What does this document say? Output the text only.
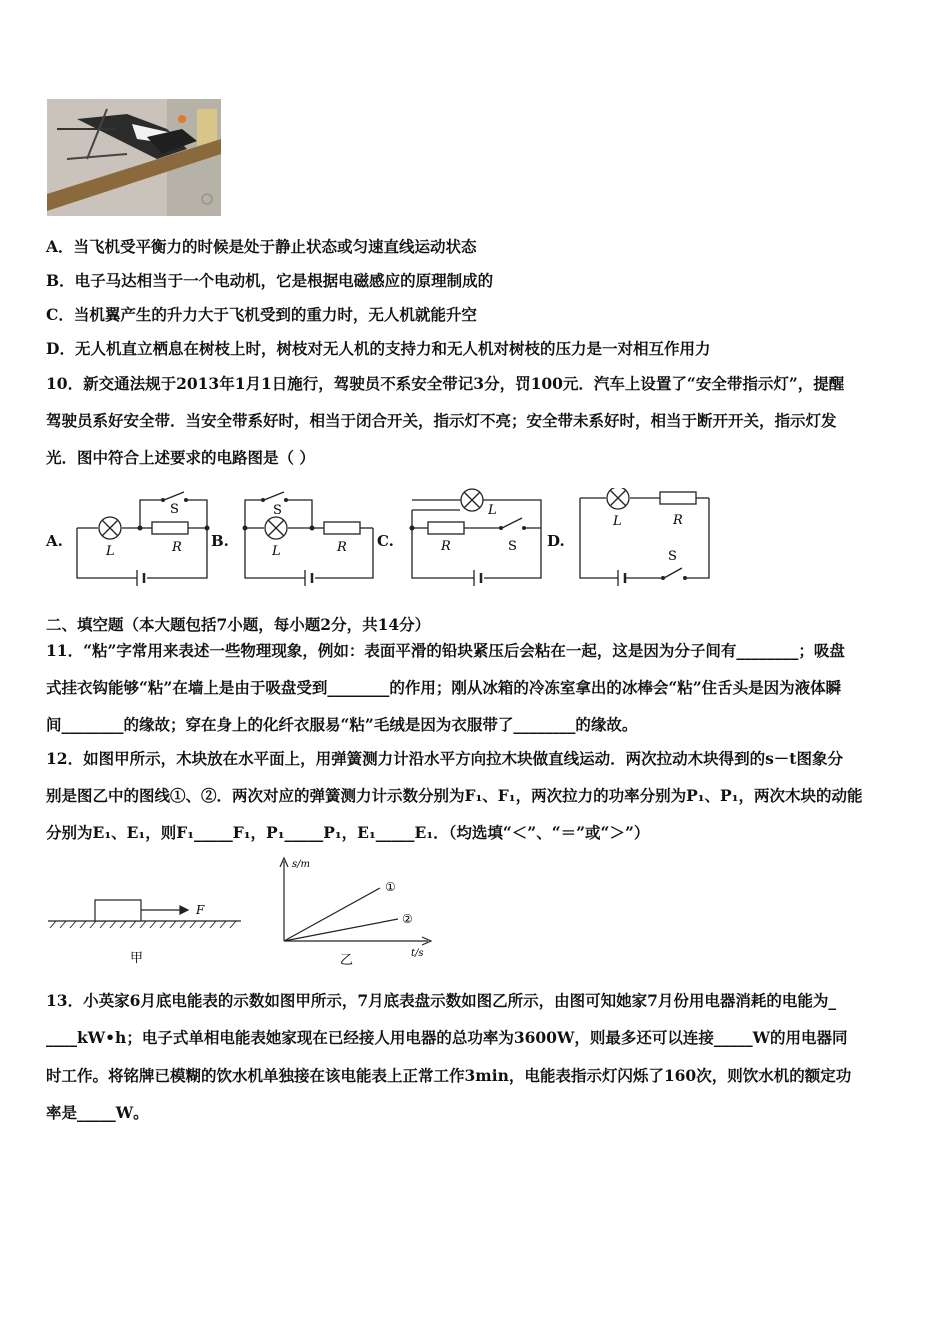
A．当飞机受平衡力的时候是处于静止状态或匀速直线运动状态
B．电子马达相当于一个电动机，它是根据电磁感应的原理制成的
C．当机翼产生的升力大于飞机受到的重力时，无人机就能升空
D．无人机直立栖息在树枝上时，树枝对无人机的支持力和无人机对树枝的压力是一对相互作用力
10．新交通法规于2013年1月1日施行，驾驶员不系安全带记3分，罚100元．汽车上设置了“安全带指示灯”，提醒
驾驶员系好安全带．当安全带系好时，相当于闭合开关，指示灯不亮；安全带未系好时，相当于断开开关，指示灯发
光．图中符合上述要求的电路图是（ ）
A.	B.	C.	D.
L	R
S
L	R
S	L
R	S
L	R
S
二、填空题（本大题包括7小题，每小题2分，共14分）
11．“粘”字常用来表述一些物理现象，例如：表面平滑的铅块紧压后会粘在一起，这是因为分子间有________；吸盘
式挂衣钩能够“粘”在墙上是由于吸盘受到________的作用；刚从冰箱的冷冻室拿出的冰棒会“粘”住舌头是因为液体瞬
间________的缘故；穿在身上的化纤衣服易“粘”毛绒是因为衣服带了________的缘故。
12．如图甲所示，木块放在水平面上，用弹簧测力计沿水平方向拉木块做直线运动．两次拉动木块得到的s－t图象分
别是图乙中的图线①、②．两次对应的弹簧测力计示数分别为F₁、F₁，两次拉力的功率分别为P₁、P₁，两次木块的动能
分别为E₁、E₁，则F₁_____F₁，P₁_____P₁，E₁_____E₁．（均选填“＜”、“＝”或“＞”）
F
甲
s/m
t/s
①
②
乙
13．小英家6月底电能表的示数如图甲所示，7月底表盘示数如图乙所示，由图可知她家7月份用电器消耗的电能为_
____kW•h；电子式单相电能表她家现在已经接人用电器的总功率为3600W，则最多还可以连接_____W的用电器同
时工作。将铭牌已模糊的饮水机单独接在该电能表上正常工作3min，电能表指示灯闪烁了160次，则饮水机的额定功
率是_____W。
